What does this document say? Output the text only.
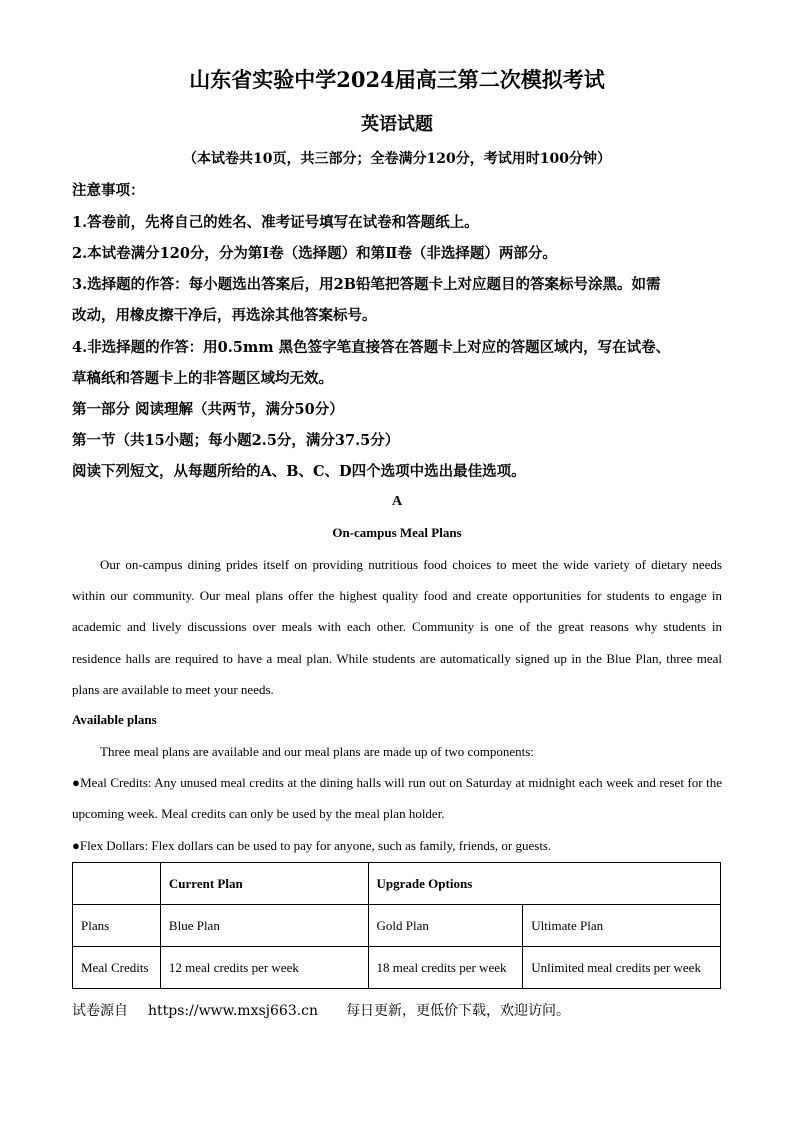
山东省实验中学2024届高三第二次模拟考试
英语试题
（本试卷共10页，共三部分；全卷满分120分，考试用时100分钟）
注意事项：
1.答卷前，先将自己的姓名、准考证号填写在试卷和答题纸上。
2.本试卷满分120分，分为第Ⅰ卷（选择题）和第Ⅱ卷（非选择题）两部分。
3.选择题的作答：每小题选出答案后，用2B铅笔把答题卡上对应题目的答案标号涂黑。如需
改动，用橡皮擦干净后，再选涂其他答案标号。
4.非选择题的作答：用0.5mm 黑色签字笔直接答在答题卡上对应的答题区域内，写在试卷、
草稿纸和答题卡上的非答题区域均无效。
第一部分 阅读理解（共两节，满分50分）
第一节（共15小题；每小题2.5分，满分37.5分）
阅读下列短文，从每题所给的A、B、C、D四个选项中选出最佳选项。
A
On-campus Meal Plans
Our on-campus dining prides itself on providing nutritious food choices to meet the wide variety of dietary needs within our community. Our meal plans offer the highest quality food and create opportunities for students to engage in academic and lively discussions over meals with each other. Community is one of the great reasons why students in residence halls are required to have a meal plan. While students are automatically signed up in the Blue Plan, three meal plans are available to meet your needs.
Available plans
Three meal plans are available and our meal plans are made up of two components:
●Meal Credits: Any unused meal credits at the dining halls will run out on Saturday at midnight each week and reset for the upcoming week. Meal credits can only be used by the meal plan holder.
●Flex Dollars: Flex dollars can be used to pay for anyone, such as family, friends, or guests.
	Current Plan	Upgrade Options	
Plans	Blue Plan	Gold Plan	Ultimate Plan
Meal Credits	12 meal credits per week	18 meal credits per week	Unlimited meal credits per week
试卷源自 https://www.mxsj663.cn 每日更新，更低价下载，欢迎访问。
